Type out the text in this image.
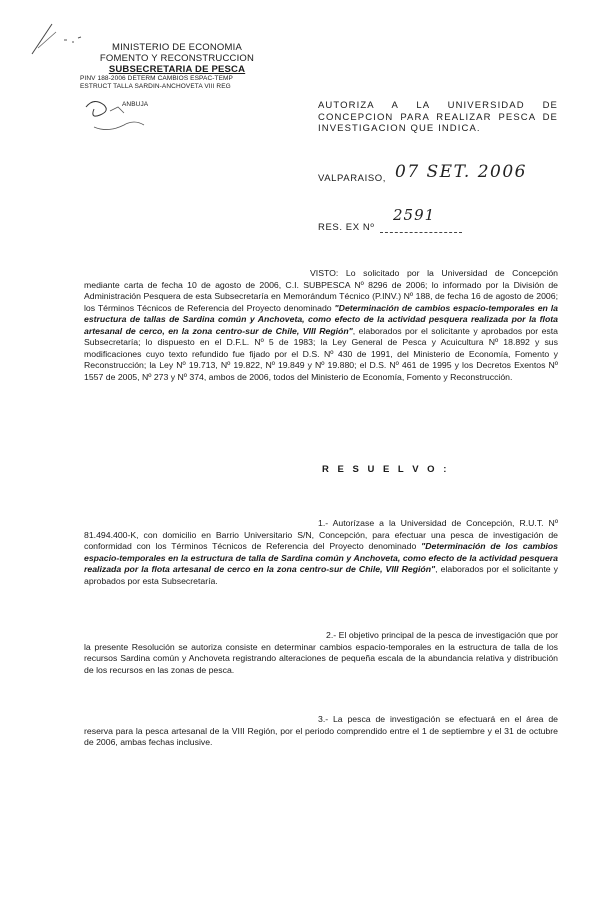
MINISTERIO DE ECONOMIA
FOMENTO Y RECONSTRUCCION
SUBSECRETARIA DE PESCA
PINV 188-2006 DETERM CAMBIOS ESPAC-TEMP
ESTRUCT TALLA SARDIN-ANCHOVETA VIII REG
ANBUJA	AUTORIZA A LA UNIVERSIDAD DE CONCEPCION PARA REALIZAR PESCA DE INVESTIGACION QUE INDICA.
VALPARAISO, 07 SET. 2006
RES. EX Nº
2591
VISTO: Lo solicitado por la Universidad de Concepción mediante carta de fecha 10 de agosto de 2006, C.I. SUBPESCA Nº 8296 de 2006; lo informado por la División de Administración Pesquera de esta Subsecretaría en Memorándum Técnico (P.INV.) Nº 188, de fecha 16 de agosto de 2006; los Términos Técnicos de Referencia del Proyecto denominado "Determinación de cambios espacio-temporales en la estructura de tallas de Sardina común y Anchoveta, como efecto de la actividad pesquera realizada por la flota artesanal de cerco, en la zona centro-sur de Chile, VIII Región", elaborados por el solicitante y aprobados por esta Subsecretaría; lo dispuesto en el D.F.L. Nº 5 de 1983; la Ley General de Pesca y Acuicultura Nº 18.892 y sus modificaciones cuyo texto refundido fue fijado por el D.S. Nº 430 de 1991, del Ministerio de Economía, Fomento y Reconstrucción; la Ley Nº 19.713, Nº 19.822, Nº 19.849 y Nº 19.880; el D.S. Nº 461 de 1995 y los Decretos Exentos Nº 1557 de 2005, Nº 273 y Nº 374, ambos de 2006, todos del Ministerio de Economía, Fomento y Reconstrucción.
R E S U E L V O :
1.- Autorízase a la Universidad de Concepción, R.U.T. Nº 81.494.400-K, con domicilio en Barrio Universitario S/N, Concepción, para efectuar una pesca de investigación de conformidad con los Términos Técnicos de Referencia del Proyecto denominado "Determinación de los cambios espacio-temporales en la estructura de talla de Sardina común y Anchoveta, como efecto de la actividad pesquera realizada por la flota artesanal de cerco en la zona centro-sur de Chile, VIII Región", elaborados por el solicitante y aprobados por esta Subsecretaría.
2.- El objetivo principal de la pesca de investigación que por la presente Resolución se autoriza consiste en determinar cambios espacio-temporales en la estructura de talla de los recursos Sardina común y Anchoveta registrando alteraciones de pequeña escala de la abundancia relativa y distribución de los recursos en las zonas de pesca.
3.- La pesca de investigación se efectuará en el área de reserva para la pesca artesanal de la VIII Región, por el periodo comprendido entre el 1 de septiembre y el 31 de octubre de 2006, ambas fechas inclusive.
